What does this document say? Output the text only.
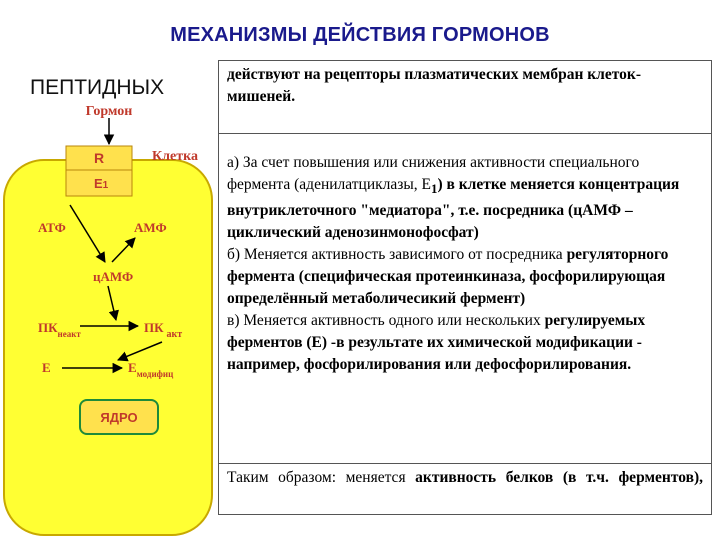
МЕХАНИЗМЫ ДЕЙСТВИЯ ГОРМОНОВ
ПЕПТИДНЫХ
Гормон
Клетка
R
E1
АТФ	АМФ
цАМФ
$ПК_{неакт}$	ПК $_{акт}$
E	$E_{модифиц}$
ЯДРО
действуют на рецепторы плазматических мембран клеток-мишеней.
а) За счет повышения или снижения активности специального фермента (аденилатциклазы, $E_1$) в клетке меняется концентрация внутриклеточного "медиатора", т.е. посредника (цАМФ – циклический аденозинмонофосфат)
б) Меняется активность зависимого от посредника регуляторного фермента (специфическая протеинкиназа, фосфорилирующая определённый метаболичесикий фермент)
в) Меняется активность одного или нескольких регулируемых ферментов (E) -в результате их химической модификации - например, фосфорилирования или дефосфорилирования.
Таким образом: меняется активность белков (в т.ч. ферментов),
